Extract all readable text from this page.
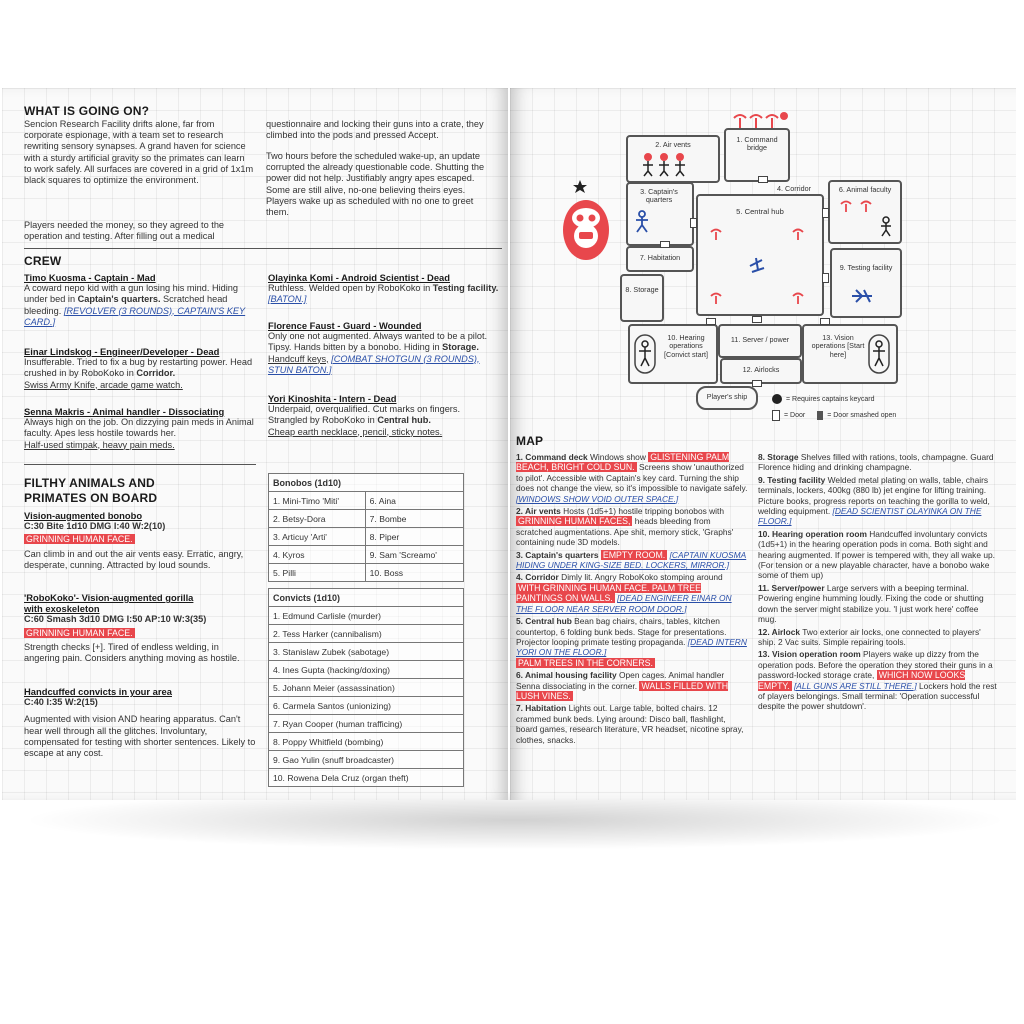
WHAT IS GOING ON?
Sencion Research Facility drifts alone, far from corporate espionage, with a team set to research rewriting sensory synapses. A grand haven for science with a sturdy artificial gravity so the primates can learn to work safely. All surfaces are covered in a grid of 1x1m black squares to optimize the environment.
Players needed the money, so they agreed to the operation and testing. After filling out a medical
questionnaire and locking their guns into a crate, they climbed into the pods and pressed Accept.
Two hours before the scheduled wake-up, an update corrupted the already questionable code. Shutting the power did not help. Justifiably angry apes escaped. Some are still alive, no-one believing theirs eyes. Players wake up as scheduled with no one to greet them.
CREW
Timo Kuosma - Captain - Mad
A coward nepo kid with a gun losing his mind. Hiding under bed in Captain's quarters. Scratched head bleeding. [REVOLVER (3 ROUNDS), CAPTAIN'S KEY CARD.]
Einar Lindskog - Engineer/Developer - Dead
Insufferable. Tried to fix a bug by restarting power. Head crushed in by RoboKoko in Corridor.
Swiss Army Knife, arcade game watch.
Senna Makris - Animal handler - Dissociating
Always high on the job. On dizzying pain meds in Animal faculty. Apes less hostile towards her.
Half-used stimpak, heavy pain meds.
Olayinka Komi - Android Scientist - Dead
Ruthless. Welded open by RoboKoko in Testing facility. [BATON.]
Florence Faust - Guard - Wounded
Only one not augmented. Always wanted to be a pilot. Tipsy. Hands bitten by a bonobo. Hiding in Storage.
Handcuff keys, [COMBAT SHOTGUN (3 ROUNDS), STUN BATON.]
Yori Kinoshita - Intern - Dead
Underpaid, overqualified. Cut marks on fingers. Strangled by RoboKoko in Central hub.
Cheap earth necklace, pencil, sticky notes.
FILTHY ANIMALS AND
PRIMATES ON BOARD
Vision-augmented bonobo
C:30 Bite 1d10 DMG I:40 W:2(10)
GRINNING HUMAN FACE.
Can climb in and out the air vents easy. Erratic, angry, desperate, cunning. Attracted by loud sounds.
'RoboKoko'- Vision-augmented gorilla
with exoskeleton
C:60 Smash 3d10 DMG I:50 AP:10 W:3(35)
GRINNING HUMAN FACE.
Strength checks [+]. Tired of endless welding, in angering pain. Considers anything moving as hostile.
Handcuffed convicts in your area
C:40 I:35 W:2(15)
Augmented with vision AND hearing apparatus. Can't hear well through all the glitches. Involuntary, compensated for testing with shorter sentences. Likely to escape at any cost.
Bonobos (1d10)	
1. Mini-Timo 'Miti'	6. Aina
2. Betsy-Dora	7. Bombe
3. Articuy 'Arti'	8. Piper
4. Kyros	9. Sam 'Screamo'
5. Pilli	10. Boss
Convicts (1d10)
1. Edmund Carlisle (murder)
2. Tess Harker (cannibalism)
3. Stanislaw Zubek (sabotage)
4. Ines Gupta (hacking/doxing)
5. Johann Meier (assassination)
6. Carmela Santos (unionizing)
7. Ryan Cooper (human trafficing)
8. Poppy Whitfield (bombing)
9. Gao Yulin (snuff broadcaster)
10. Rowena Dela Cruz (organ theft)
2. Air vents
1. Command bridge
3. Captain's quarters
4. Corridor
5. Central hub
6. Animal faculty
7. Habitation
8. Storage
9. Testing facility
10. Hearing operations [Convict start]
11. Server / power	13. Vision operations [Start here]
12. Airlocks
Player's ship	= Requires captains keycard
= Door	= Door smashed open
MAP
1. Command deck Windows show GLISTENING PALM BEACH, BRIGHT COLD SUN. Screens show 'unauthorized to pilot'. Accessible with Captain's key card. Turning the ship does not change the view, so it's impossible to navigate safely. [WINDOWS SHOW VOID OUTER SPACE.]
2. Air vents Hosts (1d5+1) hostile tripping bonobos with GRINNING HUMAN FACES, heads bleeding from scratched augmentations. Ape shit, memory stick, 'Graphs' containing nude 3D models.
3. Captain's quarters EMPTY ROOM. [CAPTAIN KUOSMA HIDING UNDER KING-SIZE BED. LOCKERS, MIRROR.]
4. Corridor Dimly lit. Angry RoboKoko stomping around WITH GRINNING HUMAN FACE. PALM TREE PAINTINGS ON WALLS. [DEAD ENGINEER EINAR ON THE FLOOR NEAR SERVER ROOM DOOR.]
5. Central hub Bean bag chairs, chairs, tables, kitchen countertop, 6 folding bunk beds. Stage for presentations. Projector looping primate testing propaganda. [DEAD INTERN YORI ON THE FLOOR.]
PALM TREES IN THE CORNERS.
6. Animal housing facility Open cages. Animal handler Senna dissociating in the corner. WALLS FILLED WITH LUSH VINES.
7. Habitation Lights out. Large table, bolted chairs. 12 crammed bunk beds. Lying around: Disco ball, flashlight, board games, research literature, VR headset, nicotine spray, clothes, snacks.
8. Storage Shelves filled with rations, tools, champagne. Guard Florence hiding and drinking champagne.
9. Testing facility Welded metal plating on walls, table, chairs terminals, lockers, 400kg (880 lb) jet engine for lifting training. Picture books, progress reports on teaching the gorilla to weld, welding equipment. [DEAD SCIENTIST OLAYINKA ON THE FLOOR.]
10. Hearing operation room Handcuffed involuntary convicts (1d5+1) in the hearing operation pods in coma. Both sight and hearing augmented. If power is tempered with, they all wake up. (For tension or a new playable character, have a bonobo wake some of them up)
11. Server/power Large servers with a beeping terminal. Powering engine humming loudly. Fixing the code or shutting down the server might stabilize you. 'I just work here' coffee mug.
12. Airlock Two exterior air locks, one connected to players' ship. 2 Vac suits. Simple repairing tools.
13. Vision operation room Players wake up dizzy from the operation pods. Before the operation they stored their guns in a password-locked storage crate, WHICH NOW LOOKS EMPTY. [ALL GUNS ARE STILL THERE.] Lockers hold the rest of players belongings. Small terminal: 'Operation successful despite the power shutdown'.
